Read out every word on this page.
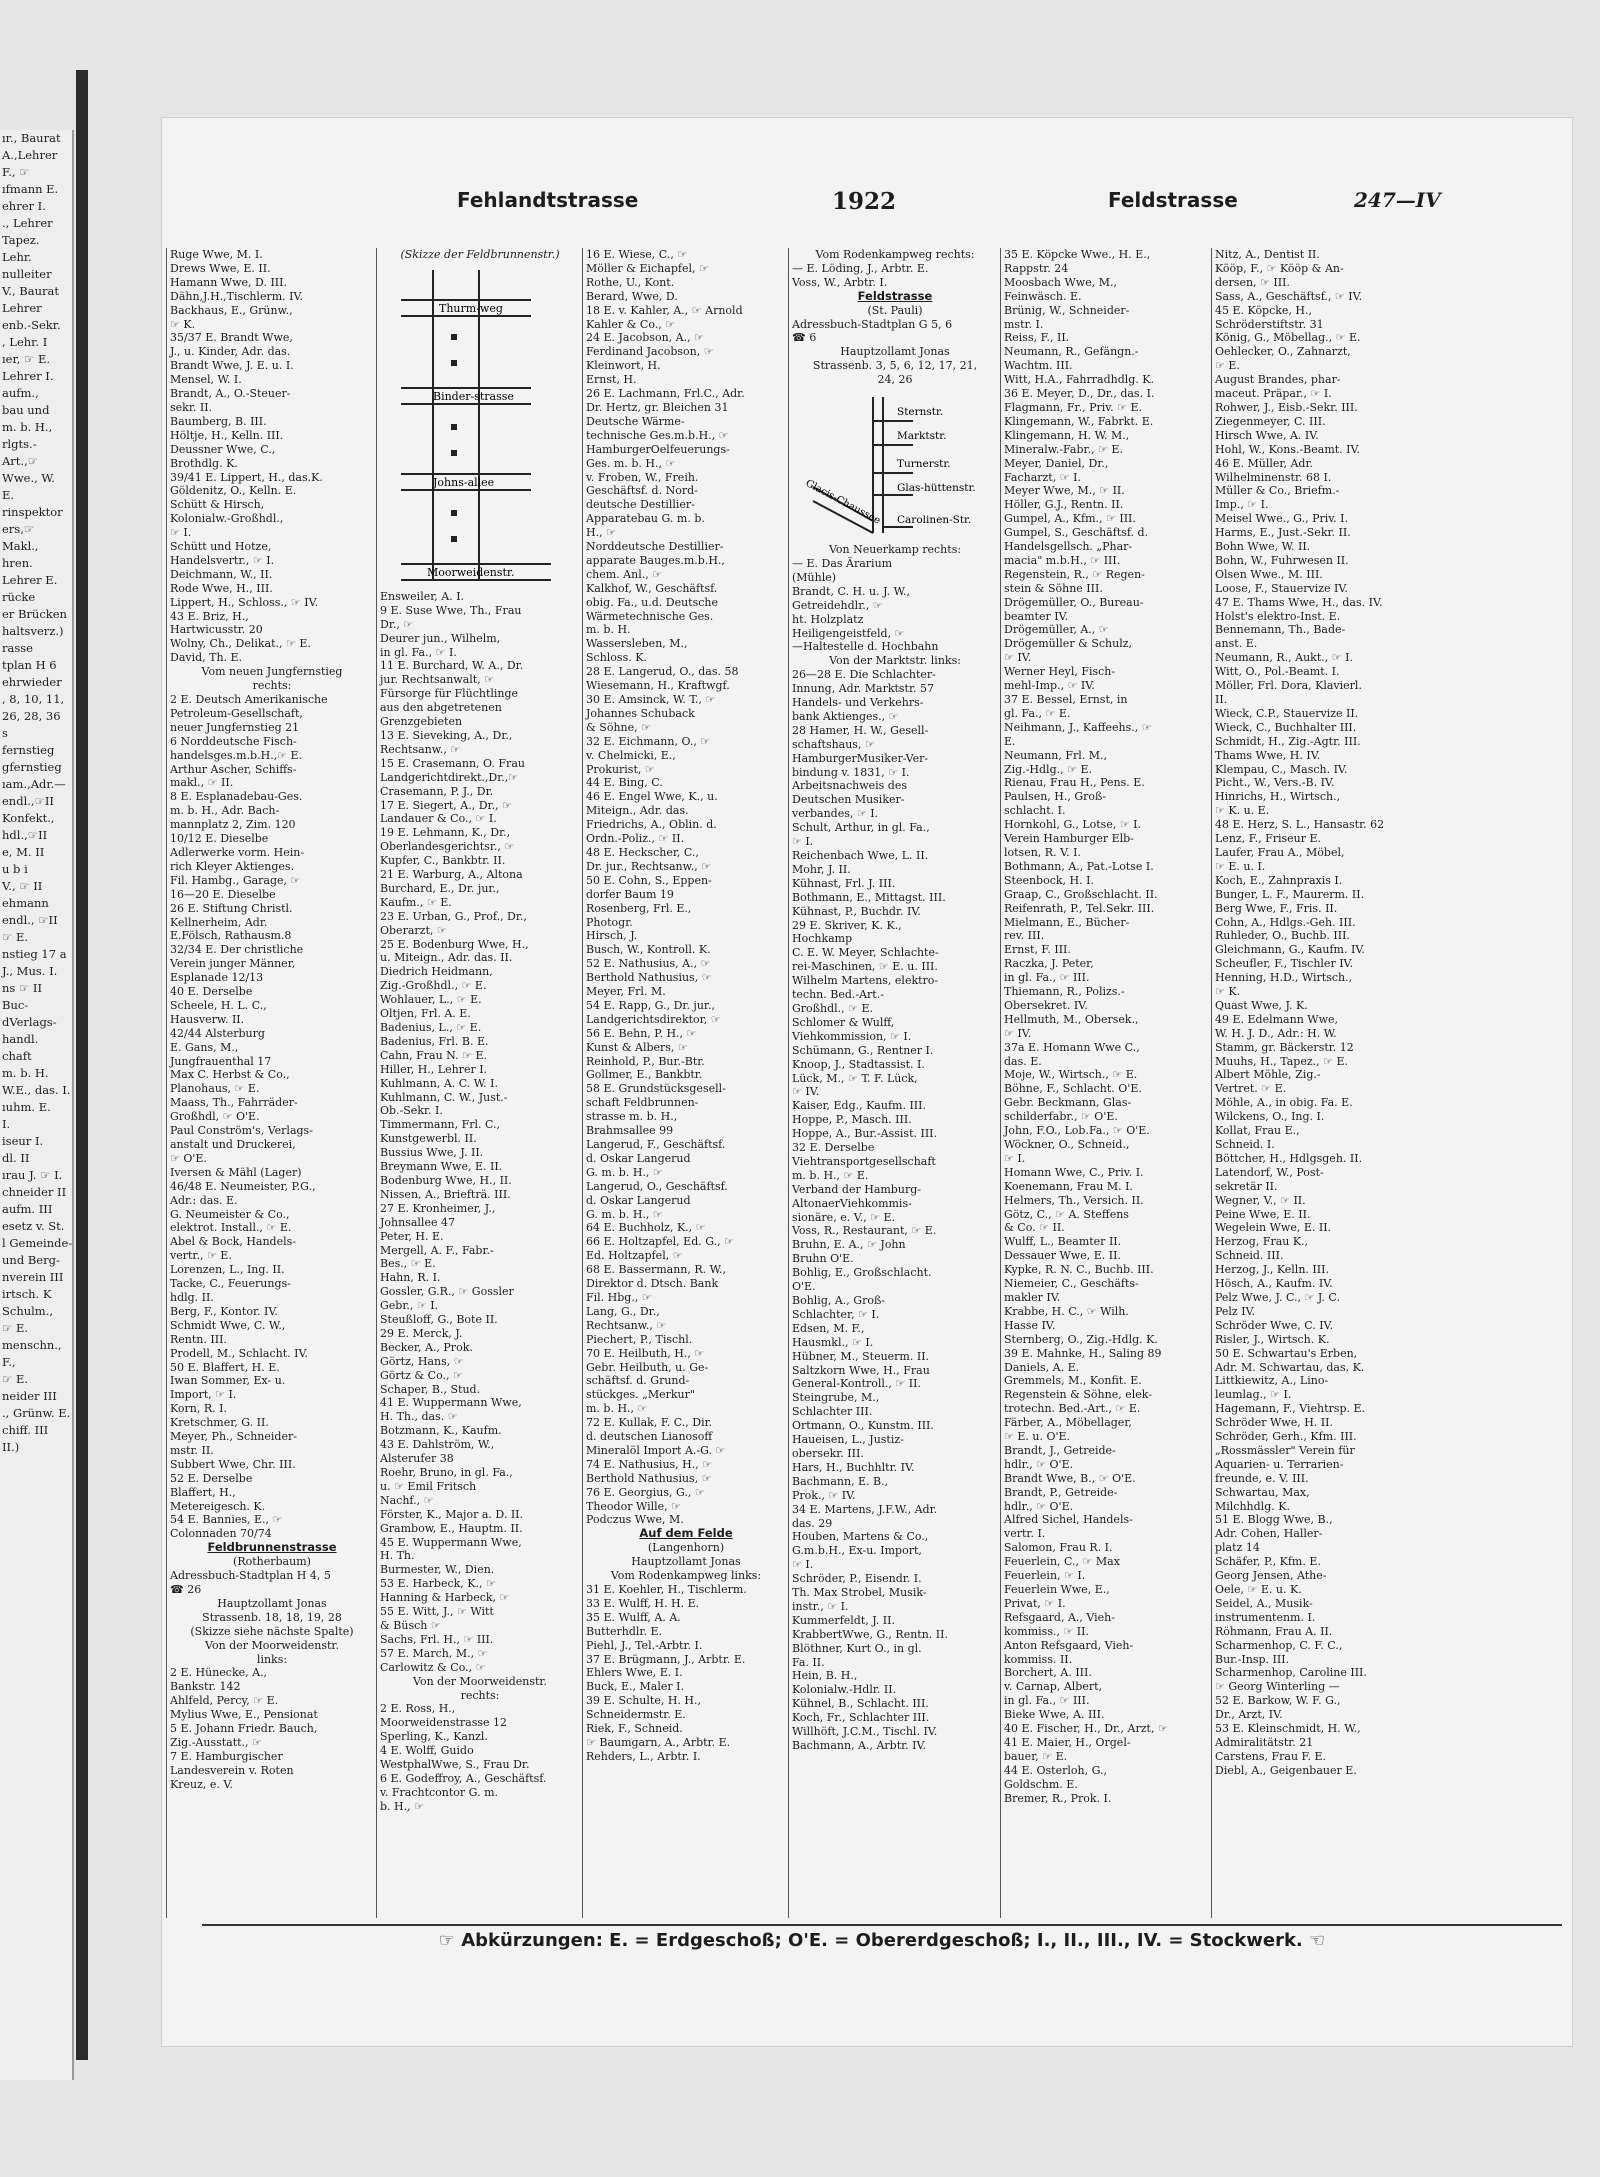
ır., Baurat
A.,Lehrer
F., ☞
ıfmann E.
ehrer I.
., Lehrer
Tapez.
Lehr.
nulleiter
V., Baurat
Lehrer
enb.-Sekr.
, Lehr. I
ıer, ☞ E.
Lehrer I.
aufm.,
bau und
m. b. H.,
rlgts.-
Art.,☞
Wwe., W.
E.
rinspektor
ers,☞
Makl.,
hren.
Lehrer E.
rücke
er Brücken
haltsverz.)
rasse
tplan H 6
ehrwieder
, 8, 10, 11,
26, 28, 36
s
fernstieg
gfernstieg
ıam.,Adr.—
endl.,☞II
Konfekt.,
hdl.,☞II
e, M. II
u b i
V., ☞ II
ehmann
endl., ☞II
☞ E.
nstieg 17 a
J., Mus. I.
ns ☞ II
Buc-
dVerlags-
handl.
chaft
m. b. H.
W.E., das. I.
ıuhm. E.
I.
iseur I.
dl. II
ırau J. ☞ I.
chneider II
aufm. III
esetz v. St.
l Gemeinde-
und Berg-
nverein III
irtsch. K
Schulm.,
☞ E.
menschn.,
F.,
☞ E.
neider III
., Grünw. E.
chiff. III
II.)
Fehlandtstrasse	1922	Feldstrasse	247—IV
Ruge Wwe, M. I.
Drews Wwe, E. II.
Hamann Wwe, D. III.
Dähn,J.H.,Tischlerm. IV.
Backhaus, E., Grünw.,
☞ K.
35/37 E. Brandt Wwe,
J., u. Kinder, Adr. das.
Brandt Wwe, J. E. u. I.
Mensel, W. I.
Brandt, A., O.-Steuer-
sekr. II.
Baumberg, B. III.
Höltje, H., Kelln. III.
Deussner Wwe, C.,
Brothdlg. K.
39/41 E. Lippert, H., das.K.
Göldenitz, O., Kelln. E.
Schütt & Hirsch,
Kolonialw.-Großhdl.,
☞ I.
Schütt und Hotze,
Handelsvertr., ☞ I.
Deichmann, W., II.
Rode Wwe, H., III.
Lippert, H., Schloss., ☞ IV.
43 E. Briz, H.,
Hartwicusstr. 20
Wolny, Ch., Delikat., ☞ E.
David, Th. E.
Vom neuen Jungfernstieg
rechts:
2 E. Deutsch Amerikanische
Petroleum-Gesellschaft,
neuer Jungfernstieg 21
6 Norddeutsche Fisch-
handelsges.m.b.H.,☞ E.
Arthur Ascher, Schiffs-
makl., ☞ II.
8 E. Esplanadebau-Ges.
m. b. H., Adr. Bach-
mannplatz 2, Zim. 120
10/12 E. Dieselbe
Adlerwerke vorm. Hein-
rich Kleyer Aktienges.
Fil. Hambg., Garage, ☞
16—20 E. Dieselbe
26 E. Stiftung Christl.
Kellnerheim, Adr.
E.Fölsch, Rathausm.8
32/34 E. Der christliche
Verein junger Männer,
Esplanade 12/13
40 E. Derselbe
Scheele, H. L. C.,
Hausverw. II.
42/44 Alsterburg
E. Gans, M.,
Jungfrauenthal 17
Max C. Herbst & Co.,
Planohaus, ☞ E.
Maass, Th., Fahrräder-
Großhdl, ☞ O'E.
Paul Conström's, Verlags-
anstalt und Druckerei,
☞ O'E.
Iversen & Mähl (Lager)
46/48 E. Neumeister, P.G.,
Adr.: das. E.
G. Neumeister & Co.,
elektrot. Install., ☞ E.
Abel & Bock, Handels-
vertr., ☞ E.
Lorenzen, L., Ing. II.
Tacke, C., Feuerungs-
hdlg. II.
Berg, F., Kontor. IV.
Schmidt Wwe, C. W.,
Rentn. III.
Prodell, M., Schlacht. IV.
50 E. Blaffert, H. E.
Iwan Sommer, Ex- u.
Import, ☞ I.
Korn, R. I.
Kretschmer, G. II.
Meyer, Ph., Schneider-
mstr. II.
Subbert Wwe, Chr. III.
52 E. Derselbe
Blaffert, H.,
Metereigesch. K.
54 E. Bannies, E., ☞
Colonnaden 70/74
Feldbrunnenstrasse
(Rotherbaum)
Adressbuch-Stadtplan H 4, 5
☎ 26
Hauptzollamt Jonas
Strassenb. 18, 18, 19, 28
(Skizze siehe nächste Spalte)
Von der Moorweidenstr.
links:
2 E. Hünecke, A.,
Bankstr. 142
Ahlfeld, Percy, ☞ E.
Mylius Wwe, E., Pensionat
5 E. Johann Friedr. Bauch,
Zig.-Ausstatt., ☞
7 E. Hamburgischer
Landesverein v. Roten
Kreuz, e. V.
(Skizze der Feldbrunnenstr.)
Thurm-weg
Binder-strasse
Johns-allee
Moorweidenstr.
Ensweiler, A. I.
9 E. Suse Wwe, Th., Frau
Dr., ☞
Deurer jun., Wilhelm,
in gl. Fa., ☞ I.
11 E. Burchard, W. A., Dr.
jur. Rechtsanwalt, ☞
Fürsorge für Flüchtlinge
aus den abgetretenen
Grenzgebieten
13 E. Sieveking, A., Dr.,
Rechtsanw., ☞
15 E. Crasemann, O. Frau
Landgerichtdirekt.,Dr.,☞
Crasemann, P. J., Dr.
17 E. Siegert, A., Dr., ☞
Landauer & Co., ☞ I.
19 E. Lehmann, K., Dr.,
Oberlandesgerichtsr., ☞
Kupfer, C., Bankbtr. II.
21 E. Warburg, A., Altona
Burchard, E., Dr. jur.,
Kaufm., ☞ E.
23 E. Urban, G., Prof., Dr.,
Oberarzt, ☞
25 E. Bodenburg Wwe, H.,
u. Miteign., Adr. das. II.
Diedrich Heidmann,
Zig.-Großhdl., ☞ E.
Wohlauer, L., ☞ E.
Oltjen, Frl. A. E.
Badenius, L., ☞ E.
Badenius, Frl. B. E.
Cahn, Frau N. ☞ E.
Hiller, H., Lehrer I.
Kuhlmann, A. C. W. I.
Kuhlmann, C. W., Just.-
Ob.-Sekr. I.
Timmermann, Frl. C.,
Kunstgewerbl. II.
Bussius Wwe, J. II.
Breymann Wwe, E. II.
Bodenburg Wwe, H., II.
Nissen, A., Briefträ. III.
27 E. Kronheimer, J.,
Johnsallee 47
Peter, H. E.
Mergell, A. F., Fabr.-
Bes., ☞ E.
Hahn, R. I.
Gossler, G.R., ☞ Gossler
Gebr., ☞ I.
Steußloff, G., Bote II.
29 E. Merck, J.
Becker, A., Prok.
Görtz, Hans, ☞
Görtz & Co., ☞
Schaper, B., Stud.
41 E. Wuppermann Wwe,
H. Th., das. ☞
Botzmann, K., Kaufm.
43 E. Dahlström, W.,
Alsterufer 38
Roehr, Bruno, in gl. Fa.,
u. ☞ Emil Fritsch
Nachf., ☞
Förster, K., Major a. D. II.
Grambow, E., Hauptm. II.
45 E. Wuppermann Wwe,
H. Th.
Burmester, W., Dien.
53 E. Harbeck, K., ☞
Hanning & Harbeck, ☞
55 E. Witt, J., ☞ Witt
& Büsch ☞
Sachs, Frl. H., ☞ III.
57 E. March, M., ☞
Carlowitz & Co., ☞
Von der Moorweidenstr.
rechts:
2 E. Ross, H.,
Moorweidenstrasse 12
Sperling, K., Kanzl.
4 E. Wolff, Guido
WestphalWwe, S., Frau Dr.
6 E. Godeffroy, A., Geschäftsf.
v. Frachtcontor G. m.
b. H., ☞
16 E. Wiese, C., ☞
Möller & Eichapfel, ☞
Rothe, U., Kont.
Berard, Wwe, D.
18 E. v. Kahler, A., ☞ Arnold
Kahler & Co., ☞
24 E. Jacobson, A., ☞
Ferdinand Jacobson, ☞
Kleinwort, H.
Ernst, H.
26 E. Lachmann, Frl.C., Adr.
Dr. Hertz, gr. Bleichen 31
Deutsche Wärme-
technische Ges.m.b.H., ☞
HamburgerOelfeuerungs-
Ges. m. b. H., ☞
v. Froben, W., Freih.
Geschäftsf. d. Nord-
deutsche Destillier-
Apparatebau G. m. b.
H., ☞
Norddeutsche Destillier-
apparate Bauges.m.b.H.,
chem. Anl., ☞
Kalkhof, W., Geschäftsf.
obig. Fa., u.d. Deutsche
Wärmetechnische Ges.
m. b. H.
Wassersleben, M.,
Schloss. K.
28 E. Langerud, O., das. 58
Wiesemann, H., Kraftwgf.
30 E. Amsinck, W. T., ☞
Johannes Schuback
& Söhne, ☞
32 E. Eichmann, O., ☞
v. Chelmicki, E.,
Prokurist, ☞
44 E. Bing, C.
46 E. Engel Wwe, K., u.
Miteign., Adr. das.
Friedrichs, A., Oblin. d.
Ordn.-Poliz., ☞ II.
48 E. Heckscher, C.,
Dr. jur., Rechtsanw., ☞
50 E. Cohn, S., Eppen-
dorfer Baum 19
Rosenberg, Frl. E.,
Photogr.
Hirsch, J.
Busch, W., Kontroll. K.
52 E. Nathusius, A., ☞
Berthold Nathusius, ☞
Meyer, Frl. M.
54 E. Rapp, G., Dr. jur.,
Landgerichtsdirektor, ☞
56 E. Behn, P. H., ☞
Kunst & Albers, ☞
Reinhold, P., Bur.-Btr.
Gollmer, E., Bankbtr.
58 E. Grundstücksgesell-
schaft Feldbrunnen-
strasse m. b. H.,
Brahmsallee 99
Langerud, F., Geschäftsf.
d. Oskar Langerud
G. m. b. H., ☞
Langerud, O., Geschäftsf.
d. Oskar Langerud
G. m. b. H., ☞
64 E. Buchholz, K., ☞
66 E. Holtzapfel, Ed. G., ☞
Ed. Holtzapfel, ☞
68 E. Bassermann, R. W.,
Direktor d. Dtsch. Bank
Fil. Hbg., ☞
Lang, G., Dr.,
Rechtsanw., ☞
Piechert, P., Tischl.
70 E. Heilbuth, H., ☞
Gebr. Heilbuth, u. Ge-
schäftsf. d. Grund-
stückges. „Merkur"
m. b. H., ☞
72 E. Kullak, F. C., Dir.
d. deutschen Lianosoff
Mineralöl Import A.-G. ☞
74 E. Nathusius, H., ☞
Berthold Nathusius, ☞
76 E. Georgius, G., ☞
Theodor Wille, ☞
Podczus Wwe, M.
Auf dem Felde
(Langenhorn)
Hauptzollamt Jonas
Vom Rodenkampweg links:
31 E. Koehler, H., Tischlerm.
33 E. Wulff, H. H. E.
35 E. Wulff, A. A.
Butterhdlr. E.
Piehl, J., Tel.-Arbtr. I.
37 E. Brügmann, J., Arbtr. E.
Ehlers Wwe, E. I.
Buck, E., Maler I.
39 E. Schulte, H. H.,
Schneidermstr. E.
Riek, F., Schneid.
☞ Baumgarn, A., Arbtr. E.
Rehders, L., Arbtr. I.
Vom Rodenkampweg rechts:
— E. Löding, J., Arbtr. E.
Voss, W., Arbtr. I.
Feldstrasse
(St. Pauli)
Adressbuch-Stadtplan G 5, 6
☎ 6
Hauptzollamt Jonas
Strassenb. 3, 5, 6, 12, 17, 21,
24, 26
Sternstr.
Marktstr.
Turnerstr.
Glas-hüttenstr.
Carolinen-Str.
Glacis-Chaussee
Von Neuerkamp rechts:
— E. Das Ärarium
(Mühle)
Brandt, C. H. u. J. W.,
Getreidehdlr., ☞
ht. Holzplatz
Heiligengeistfeld, ☞
—Haltestelle d. Hochbahn
Von der Marktstr. links:
26—28 E. Die Schlachter-
Innung, Adr. Marktstr. 57
Handels- und Verkehrs-
bank Aktienges., ☞
28 Hamer, H. W., Gesell-
schaftshaus, ☞
HamburgerMusiker-Ver-
bindung v. 1831, ☞ I.
Arbeitsnachweis des
Deutschen Musiker-
verbandes, ☞ I.
Schult, Arthur, in gl. Fa.,
☞ I.
Reichenbach Wwe, L. II.
Mohr, J. II.
Kühnast, Frl. J. III.
Bothmann, E., Mittagst. III.
Kühnast, P., Buchdr. IV.
29 E. Skriver, K. K.,
Hochkamp
C. E. W. Meyer, Schlachte-
rei-Maschinen, ☞ E. u. III.
Wilhelm Martens, elektro-
techn. Bed.-Art.-
Großhdl., ☞ E.
Schlomer & Wulff,
Viehkommission, ☞ I.
Schümann, G., Rentner I.
Knoop, J., Stadtassist. I.
Lück, M., ☞ T. F. Lück,
☞ IV.
Kaiser, Edg., Kaufm. III.
Hoppe, P., Masch. III.
Hoppe, A., Bur.-Assist. III.
32 E. Derselbe
Viehtransportgesellschaft
m. b. H., ☞ E.
Verband der Hamburg-
AltonaerViehkommis-
sionäre, e. V., ☞ E.
Voss, R., Restaurant, ☞ E.
Bruhn, E. A., ☞ John
Bruhn O'E.
Bohlig, E., Großschlacht.
O'E.
Bohlig, A., Groß-
Schlachter, ☞ I.
Edsen, M. F.,
Hausmkl., ☞ I.
Hübner, M., Steuerm. II.
Saltzkorn Wwe, H., Frau
General-Kontroll., ☞ II.
Steingrube, M.,
Schlachter III.
Ortmann, O., Kunstm. III.
Haueisen, L., Justiz-
obersekr. III.
Hars, H., Buchhltr. IV.
Bachmann, E. B.,
Prok., ☞ IV.
34 E. Martens, J.F.W., Adr.
das. 29
Houben, Martens & Co.,
G.m.b.H., Ex-u. Import,
☞ I.
Schröder, P., Eisendr. I.
Th. Max Strobel, Musik-
instr., ☞ I.
Kummerfeldt, J. II.
KrabbertWwe, G., Rentn. II.
Blöthner, Kurt O., in gl.
Fa. II.
Hein, B. H.,
Kolonialw.-Hdlr. II.
Kühnel, B., Schlacht. III.
Koch, Fr., Schlachter III.
Willhöft, J.C.M., Tischl. IV.
Bachmann, A., Arbtr. IV.
35 E. Köpcke Wwe., H. E.,
Rappstr. 24
Moosbach Wwe, M.,
Feinwäsch. E.
Brünig, W., Schneider-
mstr. I.
Reiss, F., II.
Neumann, R., Gefängn.-
Wachtm. III.
Witt, H.A., Fahrradhdlg. K.
36 E. Meyer, D., Dr., das. I.
Flagmann, Fr., Priv. ☞ E.
Klingemann, W., Fabrkt. E.
Klingemann, H. W. M.,
Mineralw.-Fabr., ☞ E.
Meyer, Daniel, Dr.,
Facharzt, ☞ I.
Meyer Wwe, M., ☞ II.
Höller, G.J., Rentn. II.
Gumpel, A., Kfm., ☞ III.
Gumpel, S., Geschäftsf. d.
Handelsgellsch. „Phar-
macia" m.b.H., ☞ III.
Regenstein, R., ☞ Regen-
stein & Söhne III.
Drögemüller, O., Bureau-
beamter IV.
Drögemüller, A., ☞
Drögemüller & Schulz,
☞ IV.
Werner Heyl, Fisch-
mehl-Imp., ☞ IV.
37 E. Bessel, Ernst, in
gl. Fa., ☞ E.
Neihmann, J., Kaffeehs., ☞
E.
Neumann, Frl. M.,
Zig.-Hdlg., ☞ E.
Rienau, Frau H., Pens. E.
Paulsen, H., Groß-
schlacht. I.
Hornkohl, G., Lotse, ☞ I.
Verein Hamburger Elb-
lotsen, R. V. I.
Bothmann, A., Pat.-Lotse I.
Steenbock, H. I.
Graap, C., Großschlacht. II.
Reifenrath, P., Tel.Sekr. III.
Mielmann, E., Bücher-
rev. III.
Ernst, F. III.
Raczka, J. Peter,
in gl. Fa., ☞ III.
Thiemann, R., Polizs.-
Obersekret. IV.
Hellmuth, M., Obersek.,
☞ IV.
37a E. Homann Wwe C.,
das. E.
Moje, W., Wirtsch., ☞ E.
Böhne, F., Schlacht. O'E.
Gebr. Beckmann, Glas-
schilderfabr., ☞ O'E.
John, F.O., Lob.Fa., ☞ O'E.
Wöckner, O., Schneid.,
☞ I.
Homann Wwe, C., Priv. I.
Koenemann, Frau M. I.
Helmers, Th., Versich. II.
Götz, C., ☞ A. Steffens
& Co. ☞ II.
Wulff, L., Beamter II.
Dessauer Wwe, E. II.
Kypke, R. N. C., Buchb. III.
Niemeier, C., Geschäfts-
makler IV.
Krabbe, H. C., ☞ Wilh.
Hasse IV.
Sternberg, O., Zig.-Hdlg. K.
39 E. Mahnke, H., Saling 89
Daniels, A. E.
Gremmels, M., Konfit. E.
Regenstein & Söhne, elek-
trotechn. Bed.-Art., ☞ E.
Färber, A., Möbellager,
☞ E. u. O'E.
Brandt, J., Getreide-
hdlr., ☞ O'E.
Brandt Wwe, B., ☞ O'E.
Brandt, P., Getreide-
hdlr., ☞ O'E.
Alfred Sichel, Handels-
vertr. I.
Salomon, Frau R. I.
Feuerlein, C., ☞ Max
Feuerlein, ☞ I.
Feuerlein Wwe, E.,
Privat, ☞ I.
Refsgaard, A., Vieh-
kommiss., ☞ II.
Anton Refsgaard, Vieh-
kommiss. II.
Borchert, A. III.
v. Carnap, Albert,
in gl. Fa., ☞ III.
Bieke Wwe, A. III.
40 E. Fischer, H., Dr., Arzt, ☞
41 E. Maier, H., Orgel-
bauer, ☞ E.
44 E. Osterloh, G.,
Goldschm. E.
Bremer, R., Prok. I.
Nitz, A., Dentist II.
Kööp, F., ☞ Kööp & An-
dersen, ☞ III.
Sass, A., Geschäftsf., ☞ IV.
45 E. Köpcke, H.,
Schröderstiftstr. 31
König, G., Möbellag., ☞ E.
Oehlecker, O., Zahnarzt,
☞ E.
August Brandes, phar-
maceut. Präpar., ☞ I.
Rohwer, J., Eisb.-Sekr. III.
Ziegenmeyer, C. III.
Hirsch Wwe, A. IV.
Hohl, W., Kons.-Beamt. IV.
46 E. Müller, Adr.
Wilhelminenstr. 68 I.
Müller & Co., Briefm.-
Imp., ☞ I.
Meisel Wwe., G., Priv. I.
Harms, E., Just.-Sekr. II.
Bohn Wwe, W. II.
Bohn, W., Fuhrwesen II.
Olsen Wwe., M. III.
Loose, F., Stauervize IV.
47 E. Thams Wwe, H., das. IV.
Holst's elektro-Inst. E.
Bennemann, Th., Bade-
anst. E.
Neumann, R., Aukt., ☞ I.
Witt, O., Pol.-Beamt. I.
Möller, Frl. Dora, Klavierl.
II.
Wieck, C.P., Stauervize II.
Wieck, C., Buchhalter III.
Schmidt, H., Zig.-Agtr. III.
Thams Wwe, H. IV.
Klempau, C., Masch. IV.
Picht., W., Vers.-B. IV.
Hinrichs, H., Wirtsch.,
☞ K. u. E.
48 E. Herz, S. L., Hansastr. 62
Lenz, F., Friseur E.
Laufer, Frau A., Möbel,
☞ E. u. I.
Koch, E., Zahnpraxis I.
Bunger, L. F., Maurerm. II.
Berg Wwe, F., Fris. II.
Cohn, A., Hdlgs.-Geh. III.
Ruhleder, O., Buchb. III.
Gleichmann, G., Kaufm. IV.
Scheufler, F., Tischler IV.
Henning, H.D., Wirtsch.,
☞ K.
Quast Wwe, J. K.
49 E. Edelmann Wwe,
W. H. J. D., Adr.: H. W.
Stamm, gr. Bäckerstr. 12
Muuhs, H., Tapez., ☞ E.
Albert Möhle, Zig.-
Vertret. ☞ E.
Möhle, A., in obig. Fa. E.
Wilckens, O., Ing. I.
Kollat, Frau E.,
Schneid. I.
Böttcher, H., Hdlgsgeh. II.
Latendorf, W., Post-
sekretär II.
Wegner, V., ☞ II.
Peine Wwe, E. II.
Wegelein Wwe, E. II.
Herzog, Frau K.,
Schneid. III.
Herzog, J., Kelln. III.
Hösch, A., Kaufm. IV.
Pelz Wwe, J. C., ☞ J. C.
Pelz IV.
Schröder Wwe, C. IV.
Risler, J., Wirtsch. K.
50 E. Schwartau's Erben,
Adr. M. Schwartau, das. K.
Littkiewitz, A., Lino-
leumlag., ☞ I.
Hagemann, F., Viehtrsp. E.
Schröder Wwe, H. II.
Schröder, Gerh., Kfm. III.
„Rossmässler" Verein für
Aquarien- u. Terrarien-
freunde, e. V. III.
Schwartau, Max,
Milchhdlg. K.
51 E. Blogg Wwe, B.,
Adr. Cohen, Haller-
platz 14
Schäfer, P., Kfm. E.
Georg Jensen, Athe-
Oele, ☞ E. u. K.
Seidel, A., Musik-
instrumentenm. I.
Röhmann, Frau A. II.
Scharmenhop, C. F. C.,
Bur.-Insp. III.
Scharmenhop, Caroline III.
☞ Georg Winterling —
52 E. Barkow, W. F. G.,
Dr., Arzt, IV.
53 E. Kleinschmidt, H. W.,
Admiralitätstr. 21
Carstens, Frau F. E.
Diebl, A., Geigenbauer E.
☞ Abkürzungen: E. = Erdgeschoß; O'E. = Obererdgeschoß; I., II., III., IV. = Stockwerk. ☜
